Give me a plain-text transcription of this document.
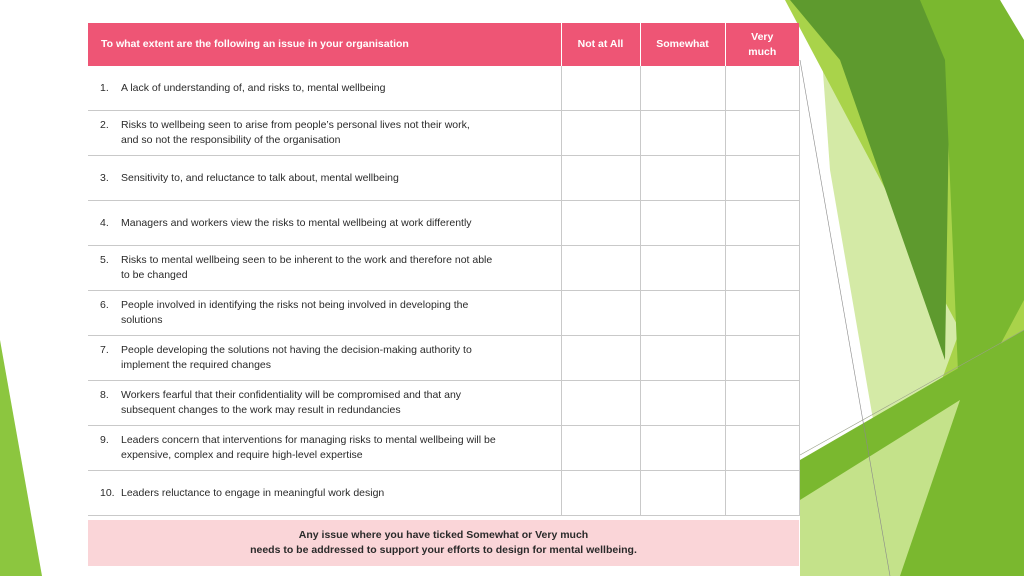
To what extent are the following an issue in your organisation	Not at All	Somewhat	Very
much

1. A lack of understanding of, and risks to, mental wellbeing			

2. Risks to wellbeing seen to arise from people’s personal lives not their work,
and so not the responsibility of the organisation			

3. Sensitivity to, and reluctance to talk about, mental wellbeing			

4. Managers and workers view the risks to mental wellbeing at work differently			

5. Risks to mental wellbeing seen to be inherent to the work and therefore not able
to be changed			

6. People involved in identifying the risks not being involved in developing the
solutions			

7. People developing the solutions not having the decision-making authority to
implement the required changes			

8. Workers fearful that their confidentiality will be compromised and that any
subsequent changes to the work may result in redundancies			

9. Leaders concern that interventions for managing risks to mental wellbeing will be
expensive, complex and require high-level expertise			

10. Leaders reluctance to engage in meaningful work design			

Any issue where you have ticked Somewhat or Very much
needs to be addressed to support your efforts to design for mental wellbeing.
